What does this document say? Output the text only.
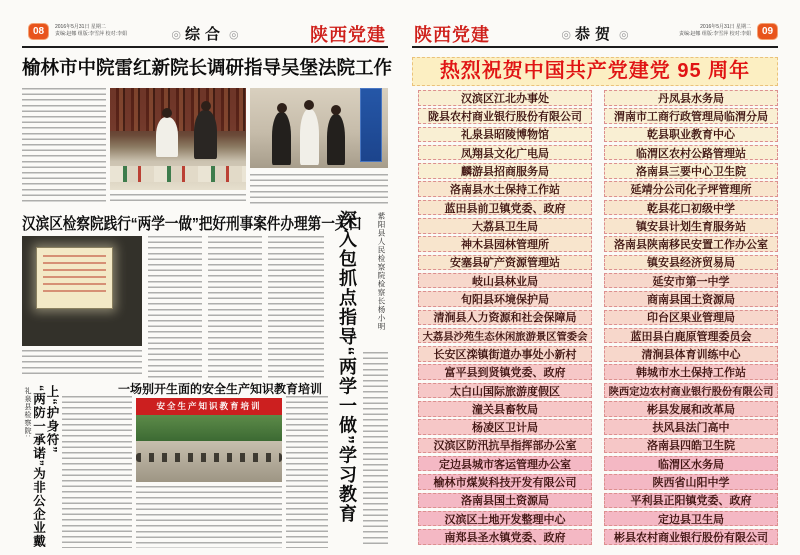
08	2016年5月31日 星期二
责编:赵娜 组版:李雪萍 校对:李娟	◎ 综合 ◎	陕西党建
榆林市中院雷红新院长调研指导吴堡法院工作
汉滨区检察院践行“两学一做”把好刑事案件办理第一关口
一场别开生面的安全生产知识教育培训
安全生产知识教育培训
紫阳县人民检察院检察长杨小明
深入包抓点指导“两学一做”学习教育
礼泉县检察院: “两防一承诺”为非公企业戴上“护身符”
陕西党建	◎ 恭贺 ◎
2016年5月31日 星期二
责编:赵娜 组版:李雪萍 校对:李娟	09
热烈祝贺中国共产党建党 95 周年
汉滨区江北办事处
陇县农村商业银行股份有限公司
礼泉县昭陵博物馆
凤翔县文化广电局
麟游县招商服务局
洛南县水土保持工作站
蓝田县前卫镇党委、政府
大荔县卫生局
神木县园林管理所
安塞县矿产资源管理站
岐山县林业局
旬阳县环境保护局
清涧县人力资源和社会保障局
大荔县沙苑生态休闲旅游景区管委会
长安区滦镇街道办事处小新村
富平县到贤镇党委、政府
太白山国际旅游度假区
潼关县畜牧局
杨凌区卫计局
汉滨区防汛抗旱指挥部办公室
定边县城市客运管理办公室
榆林市煤炭科技开发有限公司
洛南县国土资源局
汉滨区土地开发整理中心
南郑县圣水镇党委、政府
丹凤县水务局
渭南市工商行政管理局临渭分局
乾县职业教育中心
临渭区农村公路管理站
洛南县三要中心卫生院
延靖分公司化子坪管理所
乾县花口初级中学
镇安县计划生育服务站
洛南县陕南移民安置工作办公室
镇安县经济贸易局
延安市第一中学
商南县国土资源局
印台区果业管理局
蓝田县白鹿原管理委员会
清涧县体育训练中心
韩城市水土保持工作站
陕西定边农村商业银行股份有限公司
彬县发展和改革局
扶风县法门高中
洛南县四皓卫生院
临渭区水务局
陕西省山阳中学
平利县正阳镇党委、政府
定边县卫生局
彬县农村商业银行股份有限公司
